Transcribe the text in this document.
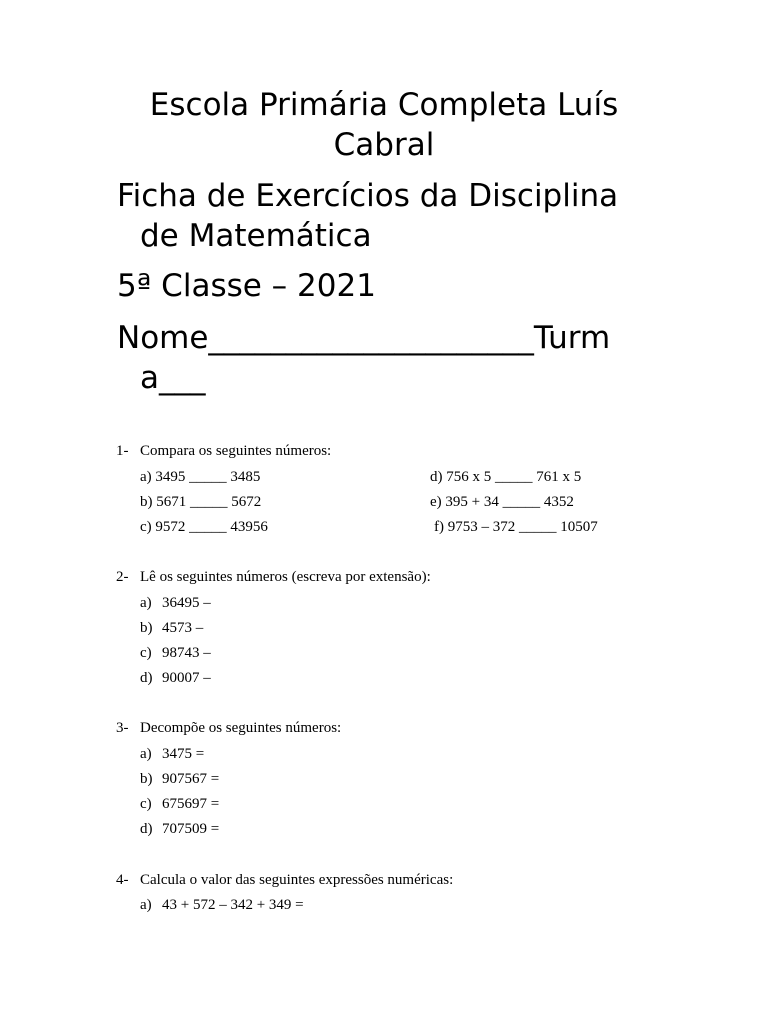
Escola Primária Completa Luís
Cabral
Ficha de Exercícios da Disciplina
de Matemática
5ª Classe – 2021
Nome_____________________Turm
a___
1- Compara os seguintes números:
a) 3495 _____ 3485
b) 5671 _____ 5672
c) 9572 _____ 43956
d) 756 x 5 _____ 761 x 5
e) 395 + 34 _____ 4352
f) 9753 – 372 _____ 10507
2- Lê os seguintes números (escreva por extensão):
a) 36495 –
b) 4573 –
c) 98743 –
d) 90007 –
3- Decompõe os seguintes números:
a) 3475 =
b) 907567 =
c) 675697 =
d) 707509 =
4- Calcula o valor das seguintes expressões numéricas:
a) 43 + 572 – 342 + 349 =
